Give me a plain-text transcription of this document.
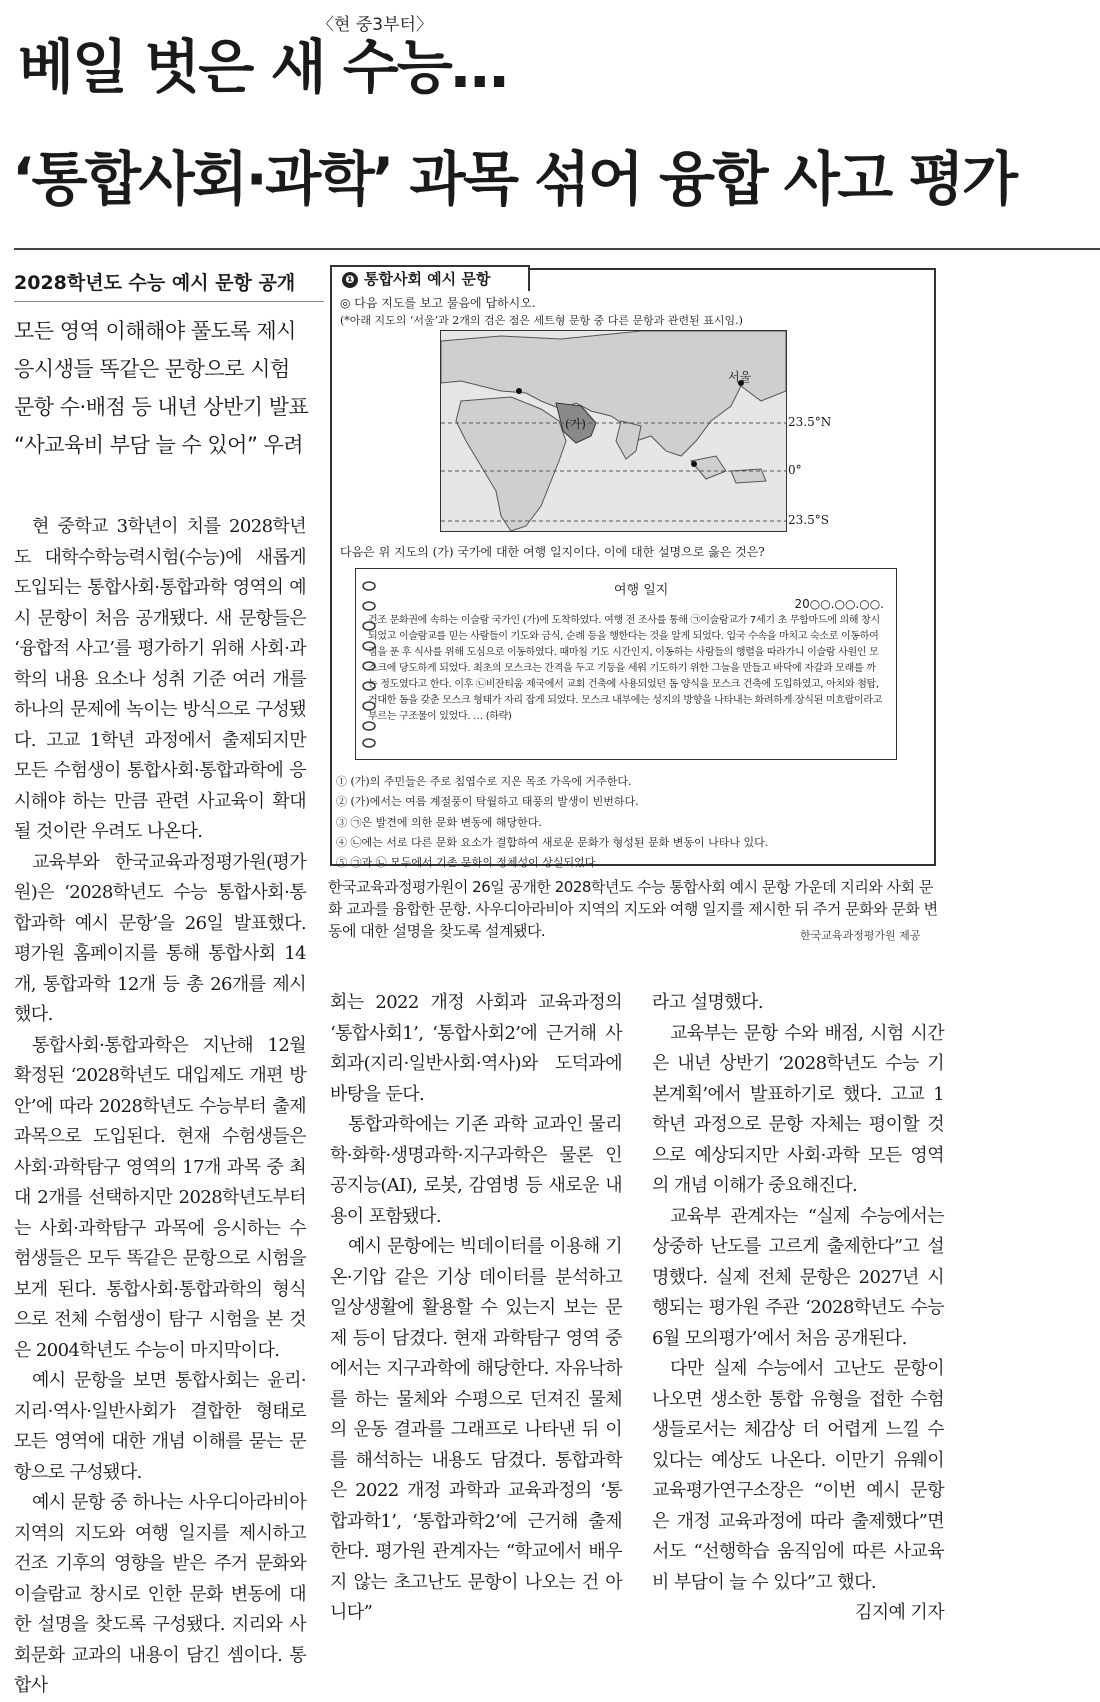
〈현 중3부터〉
베일 벗은 새 수능…
‘통합사회·과학’ 과목 섞어 융합 사고 평가
2028학년도 수능 예시 문항 공개
모든 영역 이해해야 풀도록 제시
응시생들 똑같은 문항으로 시험
문항 수·배점 등 내년 상반기 발표
“사교육비 부담 늘 수 있어” 우려
❶ 통합사회 예시 문항
◎ 다음 지도를 보고 물음에 답하시오.
(*아래 지도의 ‘서울’과 2개의 검은 점은 세트형 문항 중 다른 문항과 관련된 표시임.)
서울
(가)	23.5°N
0°
23.5°S
다음은 위 지도의 (가) 국가에 대한 여행 일지이다. 이에 대한 설명으로 옳은 것은?
여행 일지
20○○.○○.○○.
건조 문화권에 속하는 이슬람 국가인 (가)에 도착하였다. 여행 전 조사를 통해 ㉠이슬람교가 7세기 초 무함마드에 의해 창시되었고 이슬람교를 믿는 사람들이 기도와 금식, 순례 등을 행한다는 것을 알게 되었다. 입국 수속을 마치고 숙소로 이동하여 짐을 푼 후 식사를 위해 도심으로 이동하였다. 때마침 기도 시간인지, 이동하는 사람들의 행렬을 따라가니 이슬람 사원인 모스크에 당도하게 되었다. 최초의 모스크는 간격을 두고 기둥을 세워 기도하기 위한 그늘을 만들고 바닥에 자갈과 모래를 까는 정도였다고 한다. 이후 ㉡비잔티움 제국에서 교회 건축에 사용되었던 돔 양식을 모스크 건축에 도입하였고, 아치와 첨탑, 거대한 돔을 갖춘 모스크 형태가 자리 잡게 되었다. 모스크 내부에는 성지의 방향을 나타내는 화려하게 장식된 미흐랍이라고 부르는 구조물이 있었다. … (하략)
① (가)의 주민들은 주로 침엽수로 지은 목조 가옥에 거주한다.
② (가)에서는 여름 계절풍이 탁월하고 태풍의 발생이 빈번하다.
③ ㉠은 발견에 의한 문화 변동에 해당한다.
④ ㉡에는 서로 다른 문화 요소가 결합하여 새로운 문화가 형성된 문화 변동이 나타나 있다.
⑤ ㉠과 ㉡ 모두에서 기존 문화의 정체성이 상실되었다.
한국교육과정평가원이 26일 공개한 2028학년도 수능 통합사회 예시 문항 가운데 지리와 사회 문화 교과를 융합한 문항. 사우디아라비아 지역의 지도와 여행 일지를 제시한 뒤 주거 문화와 문화 변동에 대한 설명을 찾도록 설계됐다.	한국교육과정평가원 제공

현 중학교 3학년이 치를 2028학년도 대학수학능력시험(수능)에 새롭게 도입되는 통합사회·통합과학 영역의 예시 문항이 처음 공개됐다. 새 문항들은 ‘융합적 사고’를 평가하기 위해 사회·과학의 내용 요소나 성취 기준 여러 개를 하나의 문제에 녹이는 방식으로 구성됐다. 고교 1학년 과정에서 출제되지만 모든 수험생이 통합사회·통합과학에 응시해야 하는 만큼 관련 사교육이 확대될 것이란 우려도 나온다.

교육부와 한국교육과정평가원(평가원)은 ‘2028학년도 수능 통합사회·통합과학 예시 문항’을 26일 발표했다. 평가원 홈페이지를 통해 통합사회 14개, 통합과학 12개 등 총 26개를 제시했다.

통합사회·통합과학은 지난해 12월 확정된 ‘2028학년도 대입제도 개편 방안’에 따라 2028학년도 수능부터 출제 과목으로 도입된다. 현재 수험생들은 사회·과학탐구 영역의 17개 과목 중 최대 2개를 선택하지만 2028학년도부터는 사회·과학탐구 과목에 응시하는 수험생들은 모두 똑같은 문항으로 시험을 보게 된다. 통합사회·통합과학의 형식으로 전체 수험생이 탐구 시험을 본 것은 2004학년도 수능이 마지막이다.

예시 문항을 보면 통합사회는 윤리·지리·역사·일반사회가 결합한 형태로 모든 영역에 대한 개념 이해를 묻는 문항으로 구성됐다.

예시 문항 중 하나는 사우디아라비아 지역의 지도와 여행 일지를 제시하고 건조 기후의 영향을 받은 주거 문화와 이슬람교 창시로 인한 문화 변동에 대한 설명을 찾도록 구성됐다. 지리와 사회문화 교과의 내용이 담긴 셈이다. 통합사

회는 2022 개정 사회과 교육과정의 ‘통합사회1’, ‘통합사회2’에 근거해 사회과(지리·일반사회·역사)와 도덕과에 바탕을 둔다.

통합과학에는 기존 과학 교과인 물리학·화학·생명과학·지구과학은 물론 인공지능(AI), 로봇, 감염병 등 새로운 내용이 포함됐다.

예시 문항에는 빅데이터를 이용해 기온·기압 같은 기상 데이터를 분석하고 일상생활에 활용할 수 있는지 보는 문제 등이 담겼다. 현재 과학탐구 영역 중에서는 지구과학에 해당한다. 자유낙하를 하는 물체와 수평으로 던져진 물체의 운동 결과를 그래프로 나타낸 뒤 이를 해석하는 내용도 담겼다. 통합과학은 2022 개정 과학과 교육과정의 ‘통합과학1’, ‘통합과학2’에 근거해 출제한다. 평가원 관계자는 “학교에서 배우지 않는 초고난도 문항이 나오는 건 아니다”

라고 설명했다.

교육부는 문항 수와 배점, 시험 시간은 내년 상반기 ‘2028학년도 수능 기본계획’에서 발표하기로 했다. 고교 1학년 과정으로 문항 자체는 평이할 것으로 예상되지만 사회·과학 모든 영역의 개념 이해가 중요해진다.

교육부 관계자는 “실제 수능에서는 상중하 난도를 고르게 출제한다”고 설명했다. 실제 전체 문항은 2027년 시행되는 평가원 주관 ‘2028학년도 수능 6월 모의평가’에서 처음 공개된다.

다만 실제 수능에서 고난도 문항이 나오면 생소한 통합 유형을 접한 수험생들로서는 체감상 더 어렵게 느낄 수 있다는 예상도 나온다. 이만기 유웨이교육평가연구소장은 “이번 예시 문항은 개정 교육과정에 따라 출제했다”면서도 “선행학습 움직임에 따른 사교육비 부담이 늘 수 있다”고 했다.

김지예 기자
